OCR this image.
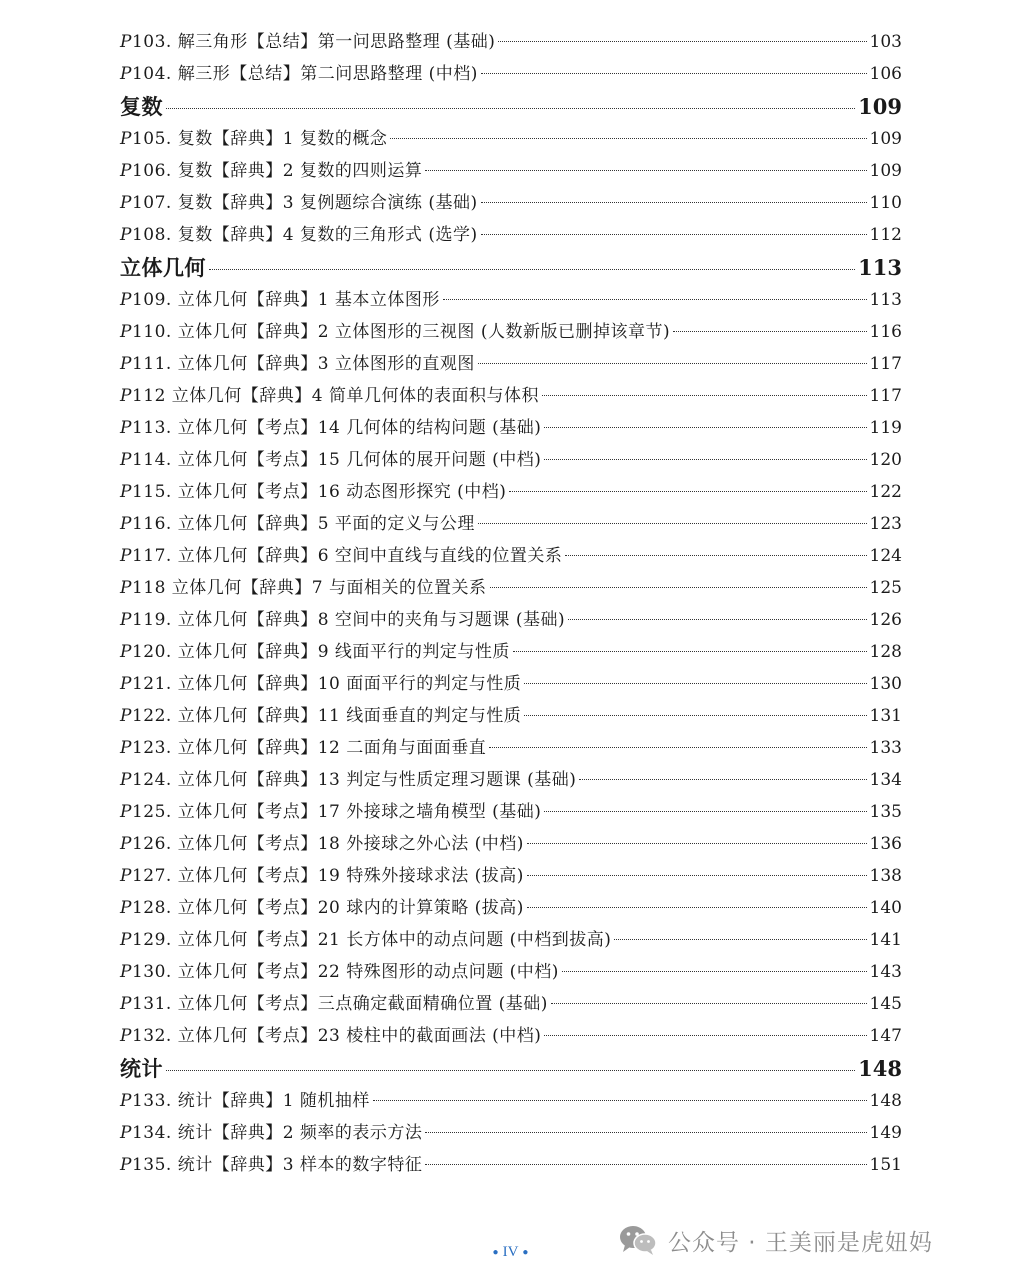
P103. 解三角形【总结】第一问思路整理 (基础)	103
P104. 解三形【总结】第二问思路整理 (中档)	106
复数	109
P105. 复数【辞典】1 复数的概念	109
P106. 复数【辞典】2 复数的四则运算	109
P107. 复数【辞典】3 复例题综合演练 (基础)	110
P108. 复数【辞典】4 复数的三角形式 (选学)	112
立体几何	113
P109. 立体几何【辞典】1 基本立体图形	113
P110. 立体几何【辞典】2 立体图形的三视图 (人数新版已删掉该章节)	116
P111. 立体几何【辞典】3 立体图形的直观图	117
P112 立体几何【辞典】4 简单几何体的表面积与体积	117
P113. 立体几何【考点】14 几何体的结构问题 (基础)	119
P114. 立体几何【考点】15 几何体的展开问题 (中档)	120
P115. 立体几何【考点】16 动态图形探究 (中档)	122
P116. 立体几何【辞典】5 平面的定义与公理	123
P117. 立体几何【辞典】6 空间中直线与直线的位置关系	124
P118 立体几何【辞典】7 与面相关的位置关系	125
P119. 立体几何【辞典】8 空间中的夹角与习题课 (基础)	126
P120. 立体几何【辞典】9 线面平行的判定与性质	128
P121. 立体几何【辞典】10 面面平行的判定与性质	130
P122. 立体几何【辞典】11 线面垂直的判定与性质	131
P123. 立体几何【辞典】12 二面角与面面垂直	133
P124. 立体几何【辞典】13 判定与性质定理习题课 (基础)	134
P125. 立体几何【考点】17 外接球之墙角模型 (基础)	135
P126. 立体几何【考点】18 外接球之外心法 (中档)	136
P127. 立体几何【考点】19 特殊外接球求法 (拔高)	138
P128. 立体几何【考点】20 球内的计算策略 (拔高)	140
P129. 立体几何【考点】21 长方体中的动点问题 (中档到拔高)	141
P130. 立体几何【考点】22 特殊图形的动点问题 (中档)	143
P131. 立体几何【考点】三点确定截面精确位置 (基础)	145
P132. 立体几何【考点】23 棱柱中的截面画法 (中档)	147
统计	148
P133. 统计【辞典】1 随机抽样	148
P134. 统计【辞典】2 频率的表示方法	149
P135. 统计【辞典】3 样本的数字特征	151
● IV ●	公众号 · 王美丽是虎妞妈
